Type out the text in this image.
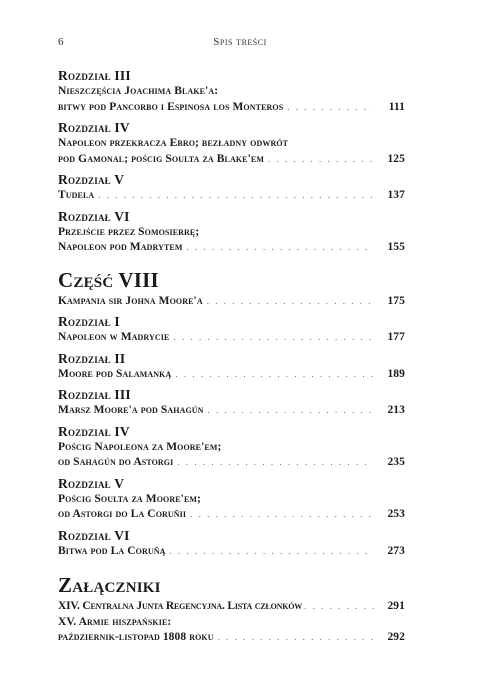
6	Spis treści
Rozdział III
Nieszczęścia Joachima Blake'a:
bitwy pod Pancorbo i Espinosa los Monteros . . .	111
Rozdział IV
Napoleon przekracza Ebro; bezładny odwrót
pod Gamonal; pościg Soulta za Blake'em . . .	125
Rozdział V
Tudela . . .	137
Rozdział VI
Przejście przez Somosierrę;
Napoleon pod Madrytem . . .	155
Część VIII
Kampania sir Johna Moore'a . . .	175
Rozdział I
Napoleon w Madrycie . . .	177
Rozdział II
Moore pod Salamanką . . .	189
Rozdział III
Marsz Moore'a pod Sahagún . . .	213
Rozdział IV
Pościg Napoleona za Moore'em;
od Sahagún do Astorgi . . .	235
Rozdział V
Pościg Soulta za Moore'em;
od Astorgi do La Coruñii . . .	253
Rozdział VI
Bitwa pod La Coruñą . . .	273
Załączniki
XIV. Centralna Junta Regencyjna. Lista członków . . .	291
XV. Armie hiszpańskie:
październik-listopad 1808 roku . . .	292
